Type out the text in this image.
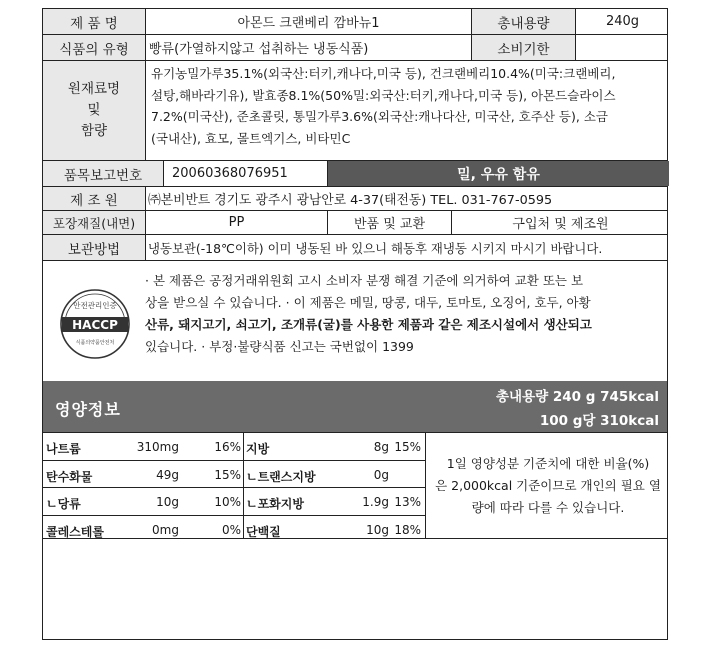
제 품 명	아몬드 크랜베리 깜바뉴1	총내용량	240g
식품의 유형	빵류(가열하지않고 섭취하는 냉동식품)	소비기한
원재료명
및
함량
유기농밀가루35.1%(외국산:터키,캐나다,미국 등), 건크랜베리10.4%(미국:크랜베리,
설탕,해바라기유), 발효종8.1%(50%밀:외국산:터키,캐나다,미국 등), 아몬드슬라이스
7.2%(미국산), 준초콜릿, 통밀가루3.6%(외국산:캐나다산, 미국산, 호주산 등), 소금
(국내산), 효모, 몰트엑기스, 비타민C
품목보고번호	20060368076951	밀, 우유 함유
제 조 원	㈜본비반트 경기도 광주시 광남안로 4-37(태전동) TEL. 031-767-0595
포장재질(내면)	PP	반품 및 교환	구입처 및 제조원
보관방법	냉동보관(-18℃이하) 이미 냉동된 바 있으니 해동후 재냉동 시키지 마시기 바랍니다.
안전관리인증
HACCP
식품의약품안전처
· 본 제품은 공정거래위원회 고시 소비자 분쟁 해결 기준에 의거하여 교환 또는 보
상을 받으실 수 있습니다. · 이 제품은 메밀, 땅콩, 대두, 토마토, 오징어, 호두, 아황
산류, 돼지고기, 쇠고기, 조개류(굴)를 사용한 제품과 같은 제조시설에서 생산되고
있습니다. · 부정·불량식품 신고는 국번없이 1399
영양정보
총내용량 240 g 745kcal
100 g당 310kcal
나트륨	310mg	16% 지방	8g 15%
탄수화물	49g	15% ㄴ트랜스지방	0g
ㄴ당류	10g	10% ㄴ포화지방	1.9g 13%
콜레스테롤	0mg	0% 단백질	10g 18%
1일 영양성분 기준치에 대한 비율(%)
은 2,000kcal 기준이므로 개인의 필요 열
량에 따라 다를 수 있습니다.
